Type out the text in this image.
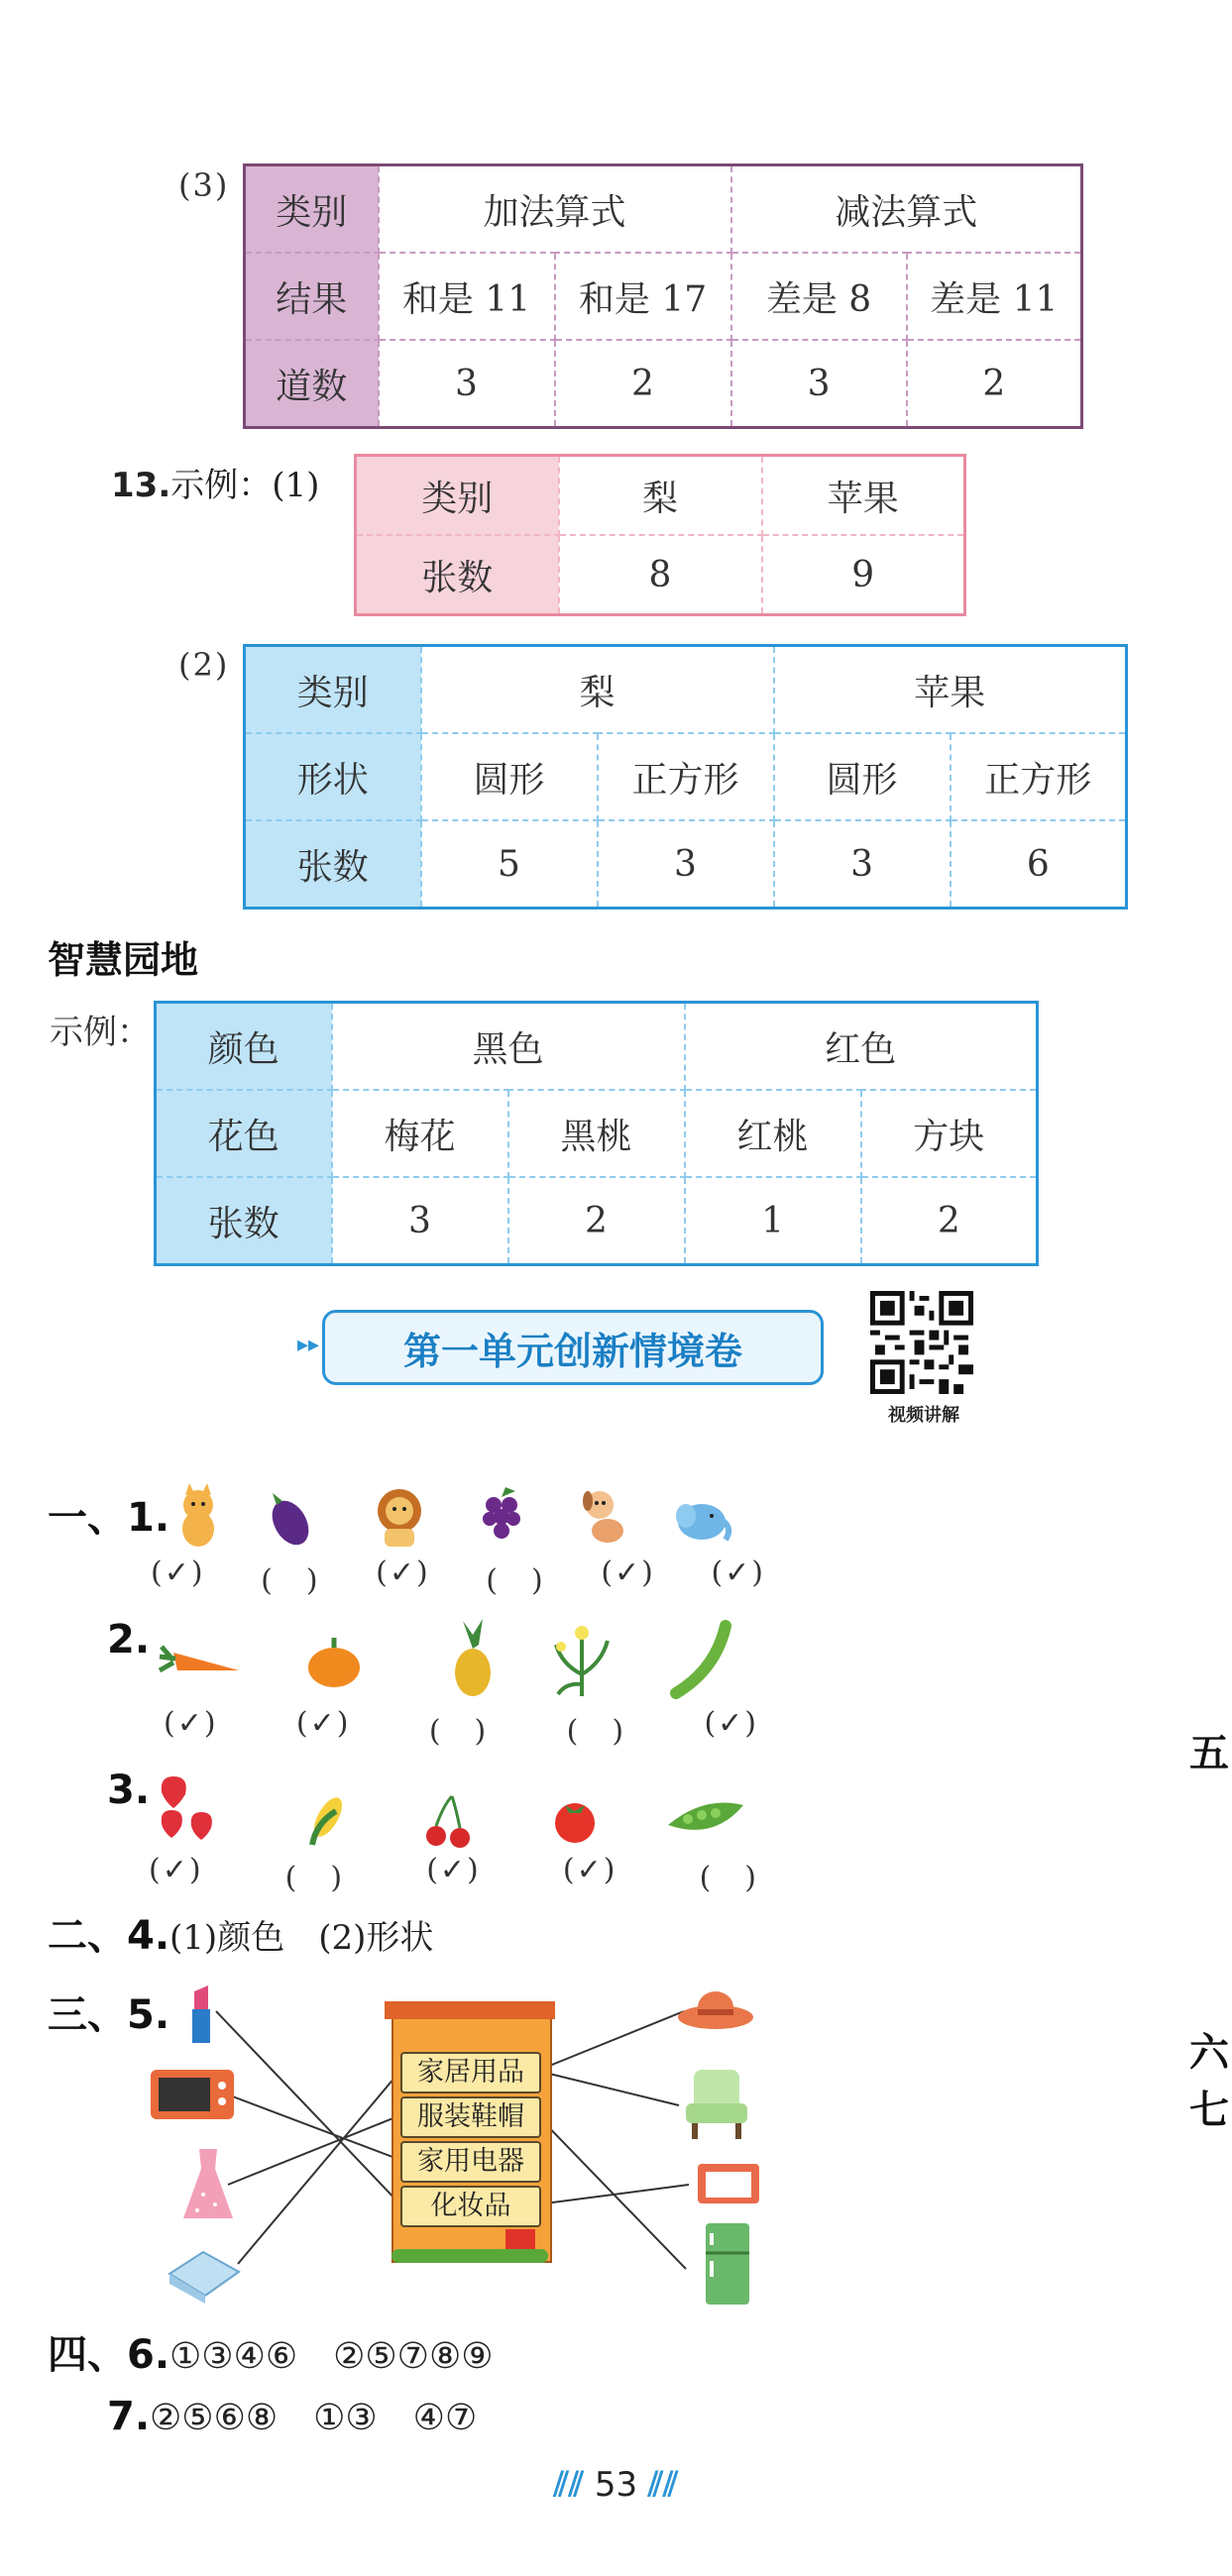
(3)
类别	加法算式		减法算式	
结果	和是 11	和是 17	差是 8	差是 11
道数	3	2	3	2
13.示例：(1)	类别	梨	苹果
张数	8	9
(2)
类别	梨		苹果	
形状	圆形	正方形	圆形	正方形
张数	5	3	3	6
智慧园地
示例： 颜色	黑色		红色	
花色	梅花	黑桃	红桃	方块
张数	3	2	1	2
▸▸	第一单元创新情境卷
视频讲解
一、1.
(✓) (　) (✓) (　) (✓) (✓)
2.
(✓)	(✓)	(　)	(　)	(✓)
3.
(✓)	(　)	(✓)	(✓)	(　)
二、4.(1)颜色　(2)形状
三、5.
家居用品
服装鞋帽
家用电器
化妆品
四、6.①③④⑥　②⑤⑦⑧⑨
7.②⑤⑥⑧　①③　④⑦
五
六
七
⫽⫽ 53 ⫽⫽
